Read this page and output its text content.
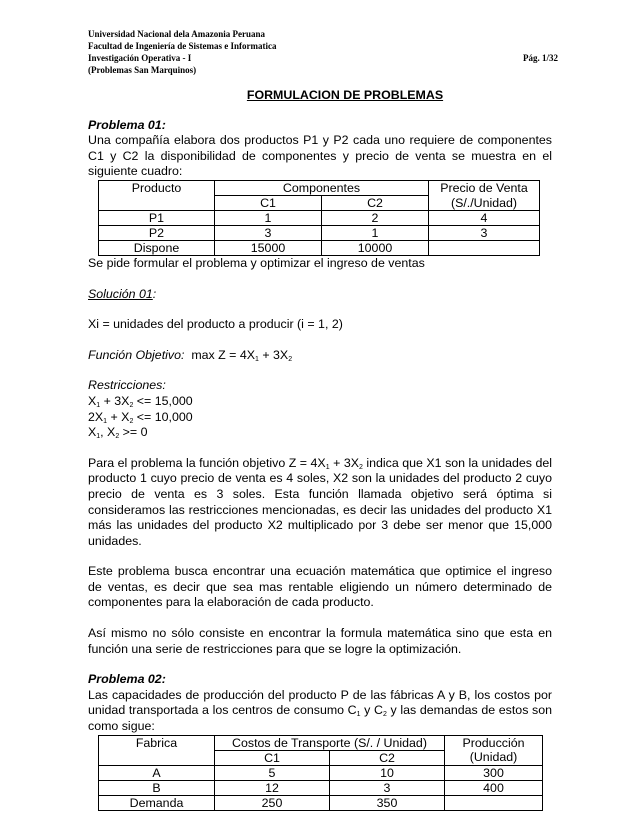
Universidad Nacional dela Amazonia Peruana
Facultad de Ingeniería de Sistemas e Informatica
Investigación Operativa - I
(Problemas San Marquinos)
Pág. 1/32

FORMULACION DE PROBLEMAS

Problema 01:

Una compañía elabora dos productos P1 y P2 cada uno requiere de componentes C1 y C2 la disponibilidad de componentes y precio de venta se muestra en el siguiente cuadro:

Producto	Componentes		Precio de Venta
	C1	C2	(S/./Unidad)
P1	1	2	4
P2	3	1	3
Dispone	15000	10000	

Se pide formular el problema y optimizar el ingreso de ventas

Solución 01:

Xi = unidades del producto a producir (i = 1, 2)

Función Objetivo: $\max Z = 4X_1 + 3X_2$

Restricciones:

$X_1 + 3X_2 <= 15,000$

$2X_1 + X_2 <= 10,000$

$X_1$, $X_2 >= 0$

Para el problema la función objetivo $Z = 4X_1 + 3X_2$ indica que X1 son la unidades del producto 1 cuyo precio de venta es 4 soles, X2 son la unidades del producto 2 cuyo precio de venta es 3 soles. Esta función llamada objetivo será óptima si consideramos las restricciones mencionadas, es decir las unidades del producto X1 más las unidades del producto X2 multiplicado por 3 debe ser menor que 15,000 unidades.

Este problema busca encontrar una ecuación matemática que optimice el ingreso de ventas, es decir que sea mas rentable eligiendo un número determinado de componentes para la elaboración de cada producto.

Así mismo no sólo consiste en encontrar la formula matemática sino que esta en función una serie de restricciones para que se logre la optimización.

Problema 02:

Las capacidades de producción del producto P de las fábricas A y B, los costos por unidad transportada a los centros de consumo $C_1$ y $C_2$ y las demandas de estos son como sigue:

Fabrica	Costos de Transporte (S/. / Unidad)		Producción
	C1	C2	(Unidad)
A	5	10	300
B	12	3	400
Demanda	250	350	
